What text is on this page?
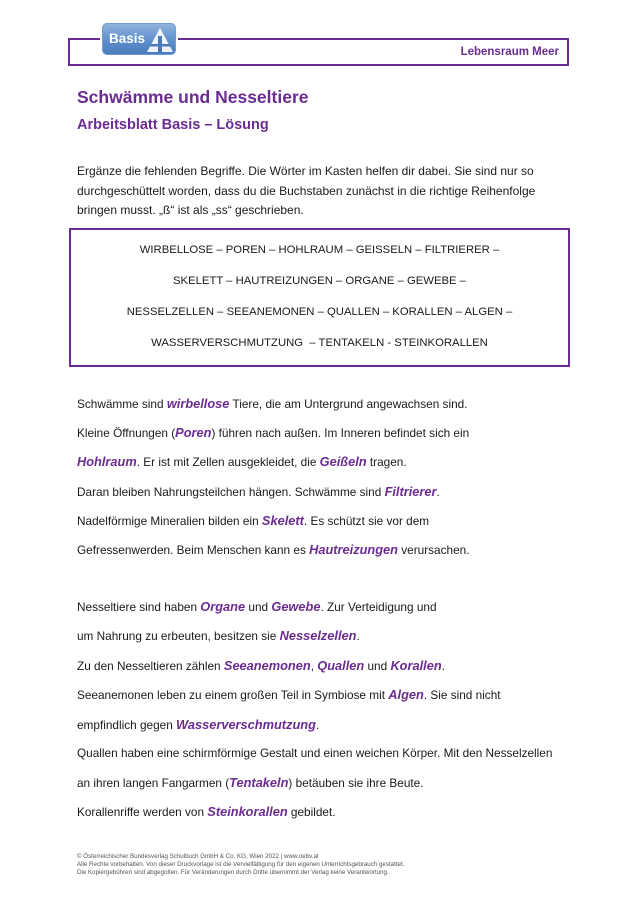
Lebensraum Meer
Basis
Schwämme und Nesseltiere
Arbeitsblatt Basis – Lösung
Ergänze die fehlenden Begriffe. Die Wörter im Kasten helfen dir dabei. Sie sind nur so
durchgeschüttelt worden, dass du die Buchstaben zunächst in die richtige Reihenfolge
bringen musst. „ß“ ist als „ss“ geschrieben.
WIRBELLOSE – POREN – HOHLRAUM – GEISSELN – FILTRIERER –
SKELETT – HAUTREIZUNGEN – ORGANE – GEWEBE –
NESSELZELLEN – SEEANEMONEN – QUALLEN – KORALLEN – ALGEN –
WASSERVERSCHMUTZUNG  – TENTAKELN - STEINKORALLEN
Schwämme sind wirbellose Tiere, die am Untergrund angewachsen sind.
Kleine Öffnungen (Poren) führen nach außen. Im Inneren befindet sich ein
Hohlraum. Er ist mit Zellen ausgekleidet, die Geißeln tragen.
Daran bleiben Nahrungsteilchen hängen. Schwämme sind Filtrierer.
Nadelförmige Mineralien bilden ein Skelett. Es schützt sie vor dem
Gefressenwerden. Beim Menschen kann es Hautreizungen verursachen.
Nesseltiere sind haben Organe und Gewebe. Zur Verteidigung und
um Nahrung zu erbeuten, besitzen sie Nesselzellen.
Zu den Nesseltieren zählen Seeanemonen, Quallen und Korallen.
Seeanemonen leben zu einem großen Teil in Symbiose mit Algen. Sie sind nicht
empfindlich gegen Wasserverschmutzung.
Quallen haben eine schirmförmige Gestalt und einen weichen Körper. Mit den Nesselzellen
an ihren langen Fangarmen (Tentakeln) betäuben sie ihre Beute.
Korallenriffe werden von Steinkorallen gebildet.
© Österreichischer Bundesverlag Schulbuch GmbH & Co. KG, Wien 2022 | www.oebv.at
Alle Rechte vorbehalten. Von dieser Druckvorlage ist die Vervielfältigung für den eigenen Unterrichtsgebrauch gestattet.
Die Kopiergebühren sind abgegolten. Für Veränderungen durch Dritte übernimmt der Verlag keine Verantwortung.
